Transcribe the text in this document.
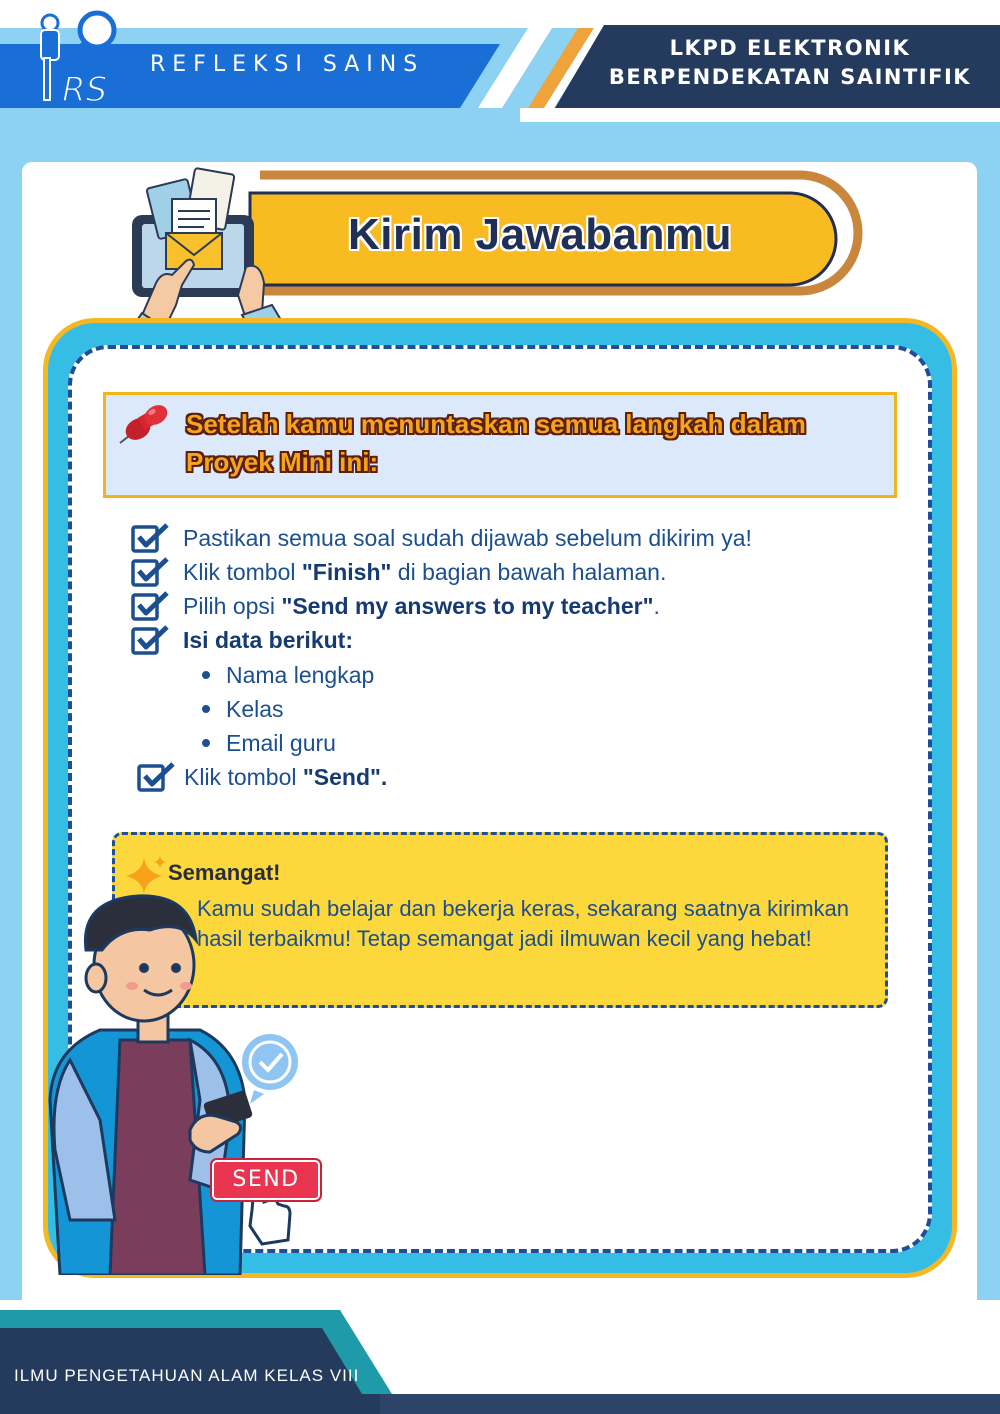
RS
REFLEKSI SAINS
LKPD ELEKTRONIK
BERPENDEKATAN SAINTIFIK
Kirim Jawabanmu
Setelah kamu menuntaskan semua langkah dalam
Proyek Mini ini:
Pastikan semua soal sudah dijawab sebelum dikirim ya!
Klik tombol "Finish" di bagian bawah halaman.
Pilih opsi "Send my answers to my teacher".
Isi data berikut:
Nama lengkap
Kelas
Email guru
Klik tombol "Send".
Semangat!
Kamu sudah belajar dan bekerja keras, sekarang saatnya kirimkan hasil terbaikmu! Tetap semangat jadi ilmuwan kecil yang hebat!
SEND
ILMU PENGETAHUAN ALAM KELAS VIII
